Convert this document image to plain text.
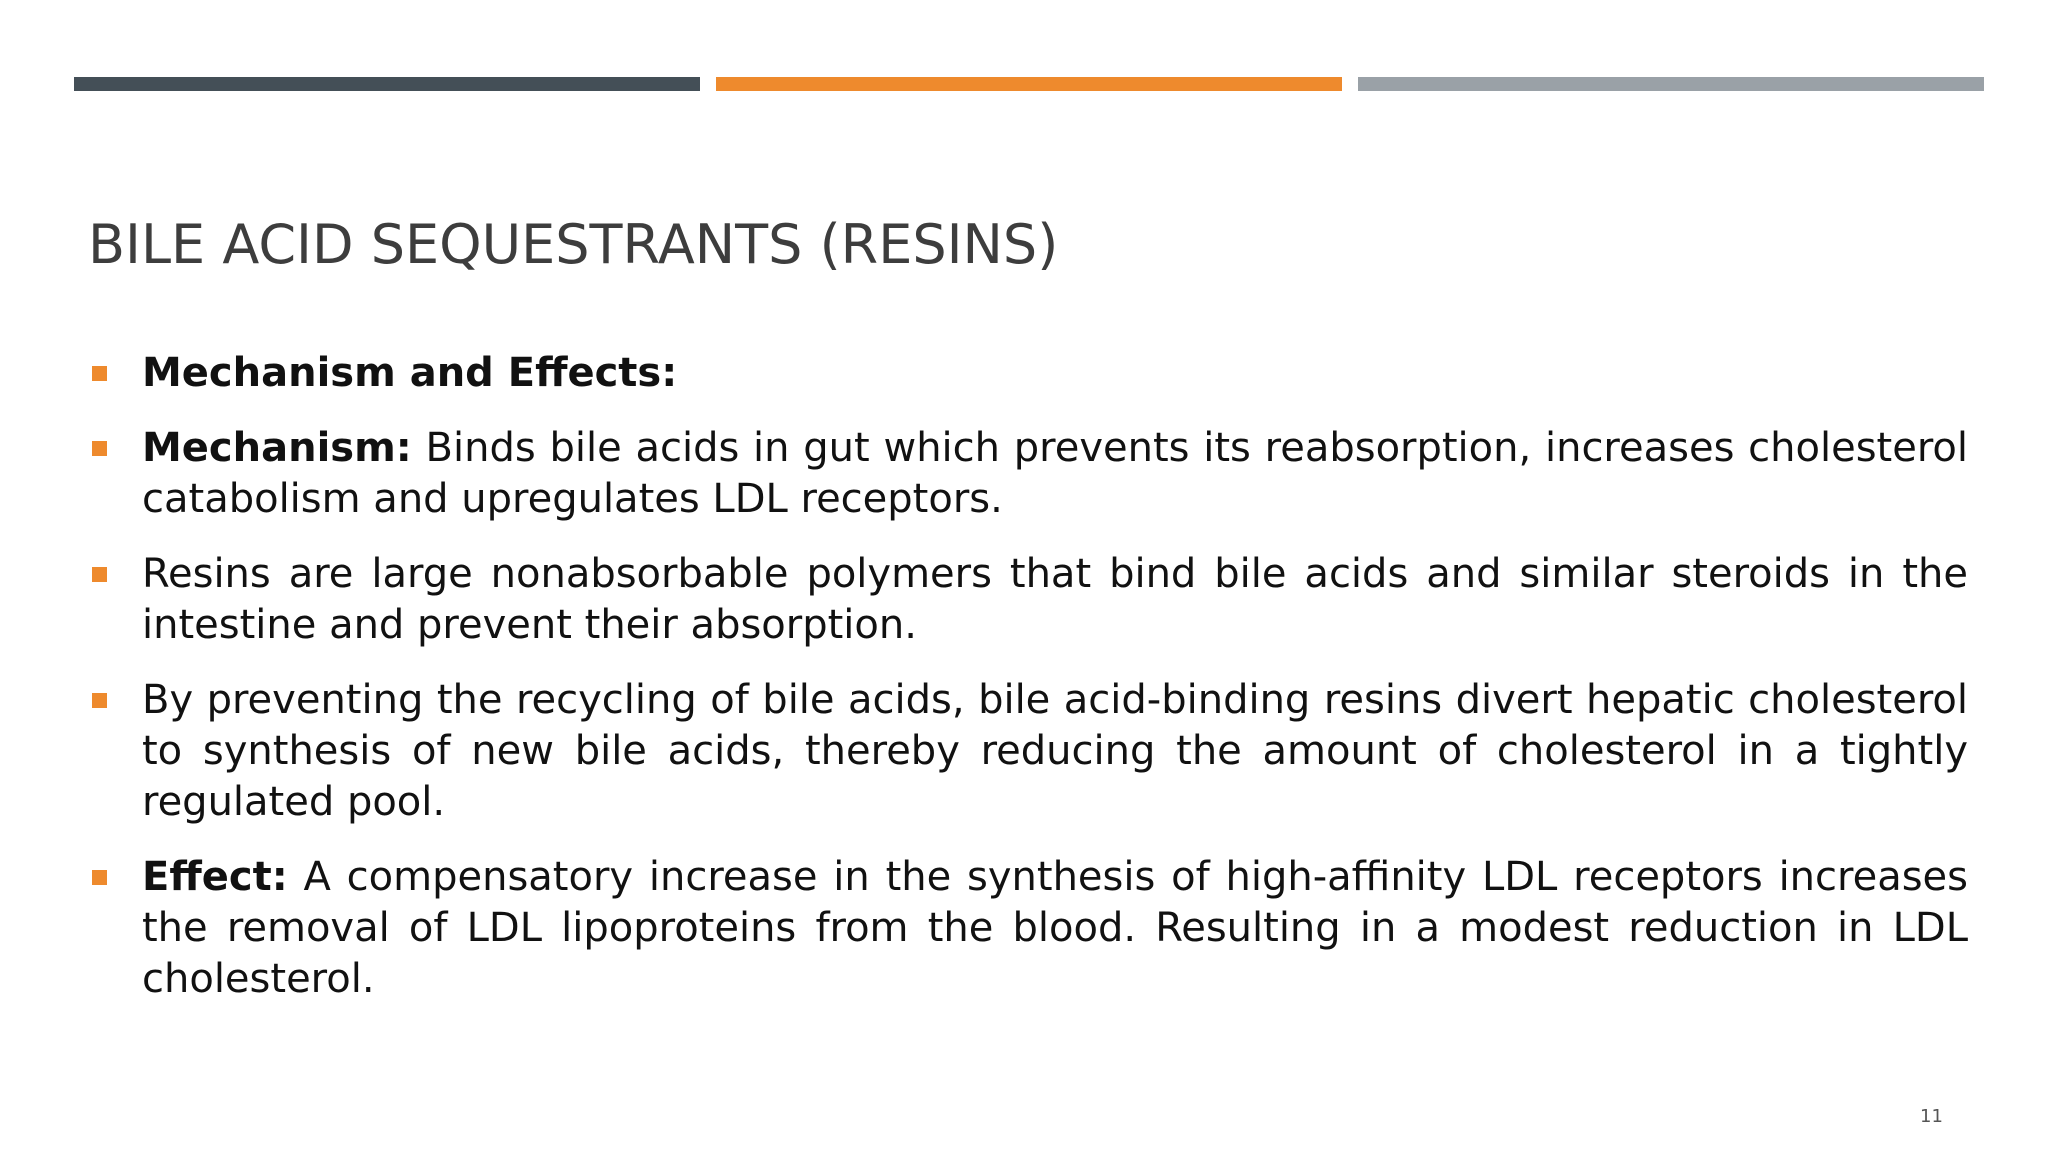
BILE ACID SEQUESTRANTS (RESINS)
Mechanism and Effects:
Mechanism: Binds bile acids in gut which prevents its reabsorption, increases cholesterol catabolism and upregulates LDL receptors.
Resins are large nonabsorbable polymers that bind bile acids and similar steroids in the intestine and prevent their absorption.
By preventing the recycling of bile acids, bile acid-binding resins divert hepatic cholesterol to synthesis of new bile acids, thereby reducing the amount of cholesterol in a tightly regulated pool.
Effect: A compensatory increase in the synthesis of high-affinity LDL receptors increases the removal of LDL lipoproteins from the blood. Resulting in a modest reduction in LDL cholesterol.
11
